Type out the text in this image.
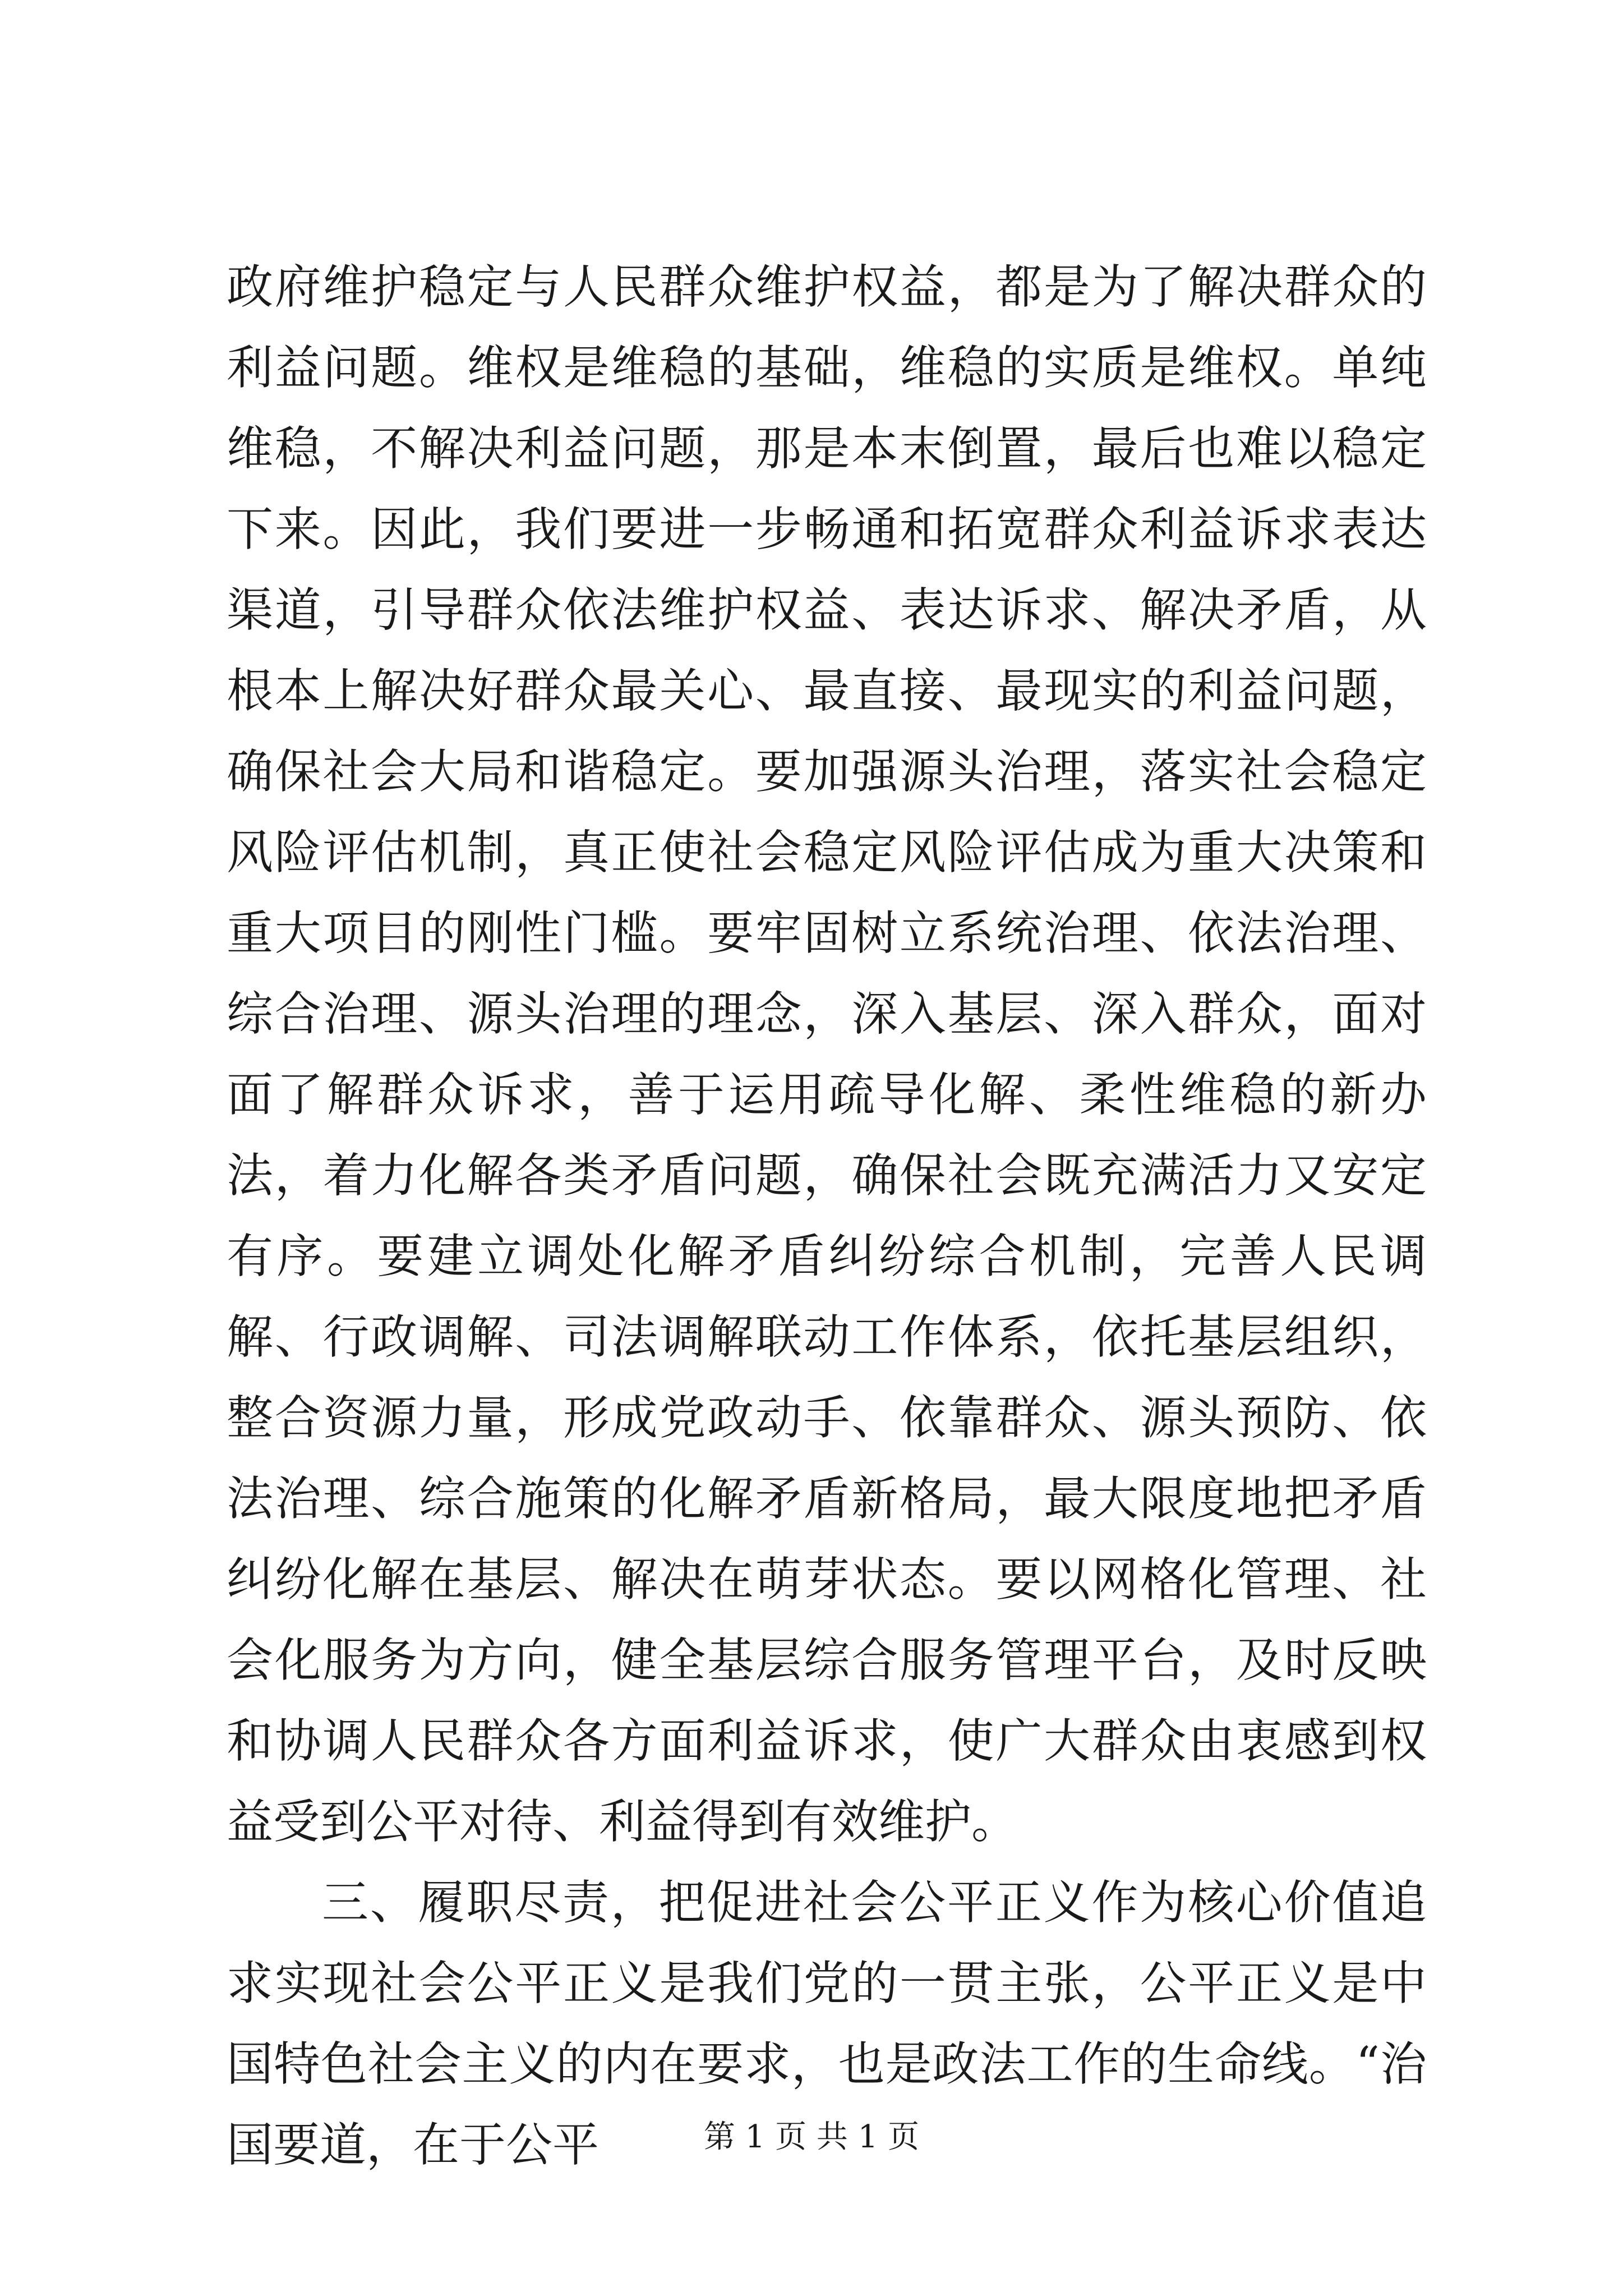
政府维护稳定与人民群众维护权益，都是为了解决群众的利益问题。维权是维稳的基础，维稳的实质是维权。单纯维稳，不解决利益问题，那是本末倒置，最后也难以稳定下来。因此，我们要进一步畅通和拓宽群众利益诉求表达渠道，引导群众依法维护权益、表达诉求、解决矛盾，从根本上解决好群众最关心、最直接、最现实的利益问题，确保社会大局和谐稳定。要加强源头治理，落实社会稳定风险评估机制，真正使社会稳定风险评估成为重大决策和重大项目的刚性门槛。要牢固树立系统治理、依法治理、综合治理、源头治理的理念，深入基层、深入群众，面对面了解群众诉求，善于运用疏导化解、柔性维稳的新办法，着力化解各类矛盾问题，确保社会既充满活力又安定有序。要建立调处化解矛盾纠纷综合机制，完善人民调解、行政调解、司法调解联动工作体系，依托基层组织，整合资源力量，形成党政动手、依靠群众、源头预防、依法治理、综合施策的化解矛盾新格局，最大限度地把矛盾纠纷化解在基层、解决在萌芽状态。要以网格化管理、社会化服务为方向，健全基层综合服务管理平台，及时反映和协调人民群众各方面利益诉求，使广大群众由衷感到权益受到公平对待、利益得到有效维护。

三、履职尽责，把促进社会公平正义作为核心价值追求实现社会公平正义是我们党的一贯主张，公平正义是中国特色社会主义的内在要求，也是政法工作的生命线。“治国要道，在于公平	第 1 页 共 1 页
